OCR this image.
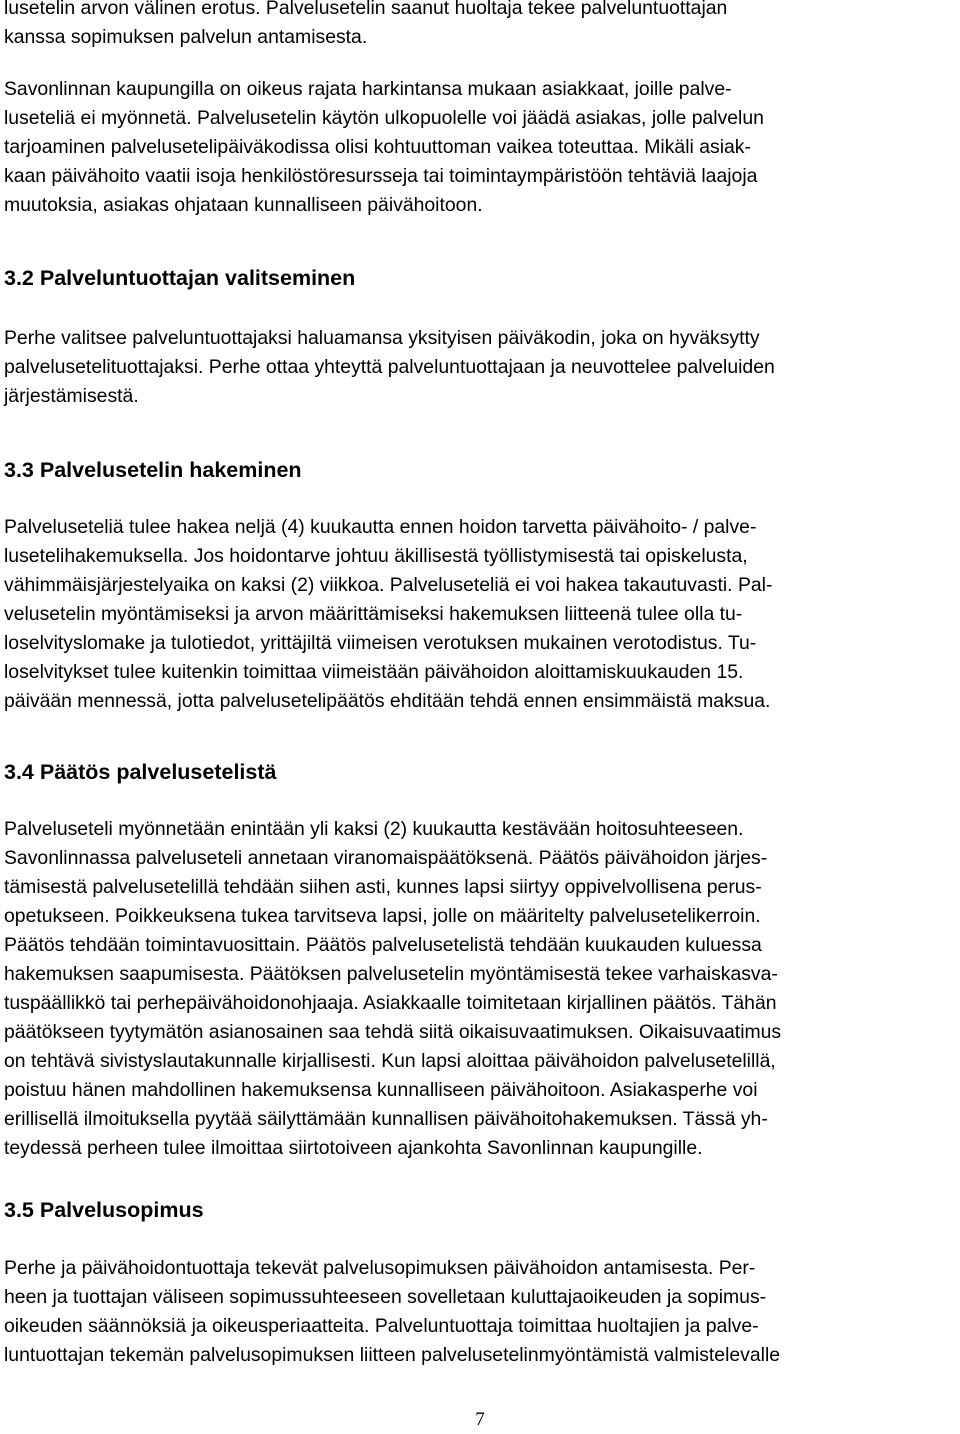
lusetelin arvon välinen erotus. Palvelusetelin saanut huoltaja tekee palveluntuottajan
kanssa sopimuksen palvelun antamisesta.
Savonlinnan kaupungilla on oikeus rajata harkintansa mukaan asiakkaat, joille palve-
luseteliä ei myönnetä. Palvelusetelin käytön ulkopuolelle voi jäädä asiakas, jolle palvelun
tarjoaminen palvelusetelipäiväkodissa olisi kohtuuttoman vaikea toteuttaa. Mikäli asiak-
kaan päivähoito vaatii isoja henkilöstöresursseja tai toimintaympäristöön tehtäviä laajoja
muutoksia, asiakas ohjataan kunnalliseen päivähoitoon.
3.2 Palveluntuottajan valitseminen
Perhe valitsee palveluntuottajaksi haluamansa yksityisen päiväkodin, joka on hyväksytty
palvelusetelituottajaksi. Perhe ottaa yhteyttä palveluntuottajaan ja neuvottelee palveluiden
järjestämisestä.
3.3 Palvelusetelin hakeminen
Palveluseteliä tulee hakea neljä (4) kuukautta ennen hoidon tarvetta päivähoito- / palve-
lusetelihakemuksella. Jos hoidontarve johtuu äkillisestä työllistymisestä tai opiskelusta,
vähimmäisjärjestelyaika on kaksi (2) viikkoa. Palveluseteliä ei voi hakea takautuvasti. Pal-
velusetelin myöntämiseksi ja arvon määrittämiseksi hakemuksen liitteenä tulee olla tu-
loselvityslomake ja tulotiedot, yrittäjiltä viimeisen verotuksen mukainen verotodistus. Tu-
loselvitykset tulee kuitenkin toimittaa viimeistään päivähoidon aloittamiskuukauden 15.
päivään mennessä, jotta palvelusetelipäätös ehditään tehdä ennen ensimmäistä maksua.
3.4 Päätös palvelusetelistä
Palveluseteli myönnetään enintään yli kaksi (2) kuukautta kestävään hoitosuhteeseen.
Savonlinnassa palveluseteli annetaan viranomaispäätöksenä. Päätös päivähoidon järjes-
tämisestä palvelusetelillä tehdään siihen asti, kunnes lapsi siirtyy oppivelvollisena perus-
opetukseen. Poikkeuksena tukea tarvitseva lapsi, jolle on määritelty palvelusetelikerroin.
Päätös tehdään toimintavuosittain. Päätös palvelusetelistä tehdään kuukauden kuluessa
hakemuksen saapumisesta. Päätöksen palvelusetelin myöntämisestä tekee varhaiskasva-
tuspäällikkö tai perhepäivähoidonohjaaja. Asiakkaalle toimitetaan kirjallinen päätös. Tähän
päätökseen tyytymätön asianosainen saa tehdä siitä oikaisuvaatimuksen. Oikaisuvaatimus
on tehtävä sivistyslautakunnalle kirjallisesti. Kun lapsi aloittaa päivähoidon palvelusetelillä,
poistuu hänen mahdollinen hakemuksensa kunnalliseen päivähoitoon. Asiakasperhe voi
erillisellä ilmoituksella pyytää säilyttämään kunnallisen päivähoitohakemuksen. Tässä yh-
teydessä perheen tulee ilmoittaa siirtotoiveen ajankohta Savonlinnan kaupungille.
3.5 Palvelusopimus
Perhe ja päivähoidontuottaja tekevät palvelusopimuksen päivähoidon antamisesta. Per-
heen ja tuottajan väliseen sopimussuhteeseen sovelletaan kuluttajaoikeuden ja sopimus-
oikeuden säännöksiä ja oikeusperiaatteita. Palveluntuottaja toimittaa huoltajien ja palve-
luntuottajan tekemän palvelusopimuksen liitteen palvelusetelinmyöntämistä valmistelevalle
7
